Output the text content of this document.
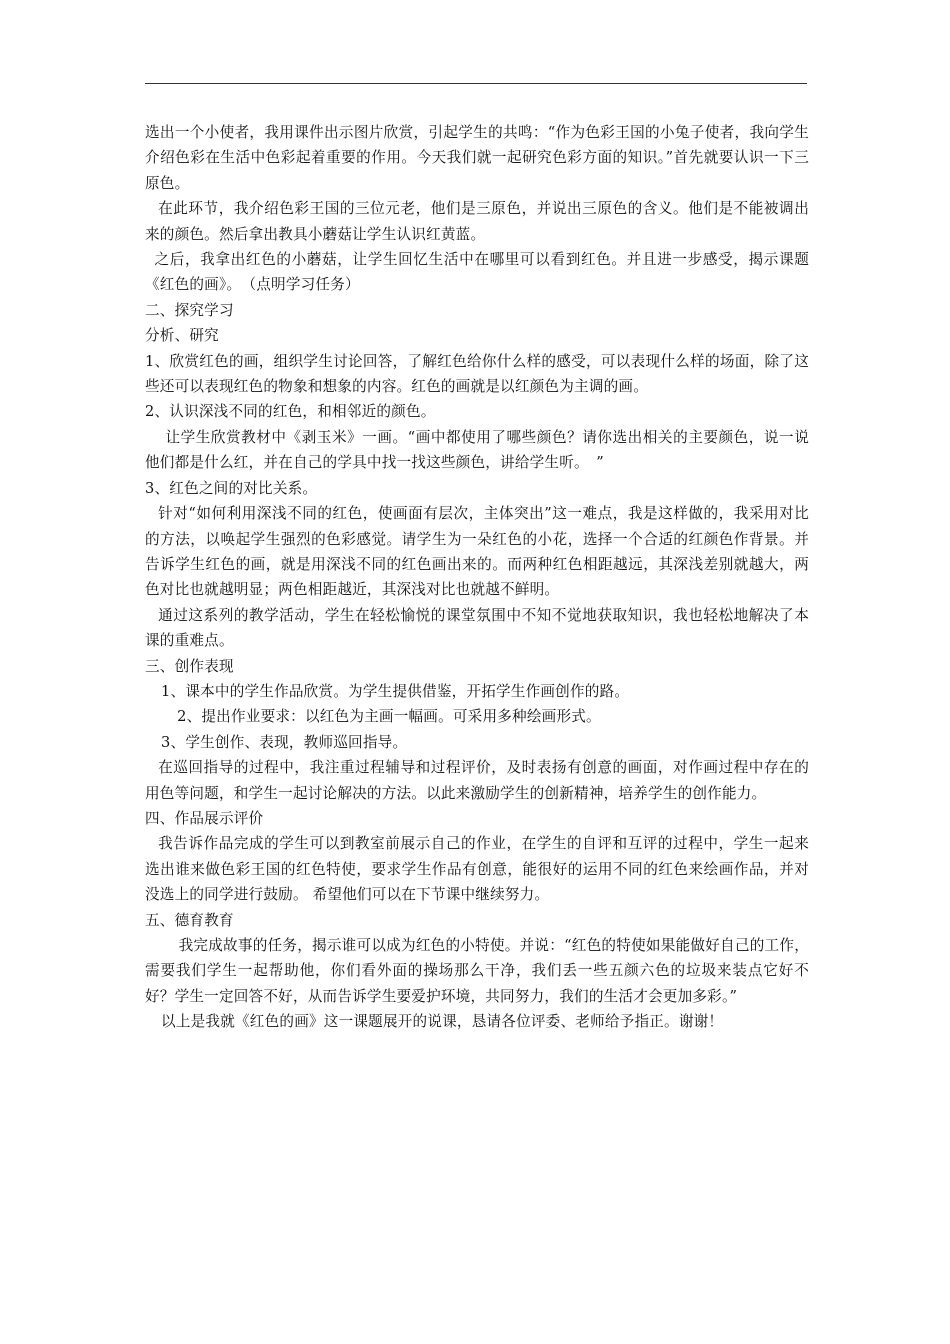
选出一个小使者，我用课件出示图片欣赏，引起学生的共鸣：“作为色彩王国的小兔子使者，我向学生介绍色彩在生活中色彩起着重要的作用。今天我们就一起研究色彩方面的知识。”首先就要认识一下三原色。

在此环节，我介绍色彩王国的三位元老，他们是三原色，并说出三原色的含义。他们是不能被调出来的颜色。然后拿出教具小蘑菇让学生认识红黄蓝。

之后，我拿出红色的小蘑菇，让学生回忆生活中在哪里可以看到红色。并且进一步感受，揭示课题《红色的画》。　（点明学习任务）

二、探究学习

分析、研究

1、欣赏红色的画，组织学生讨论回答，了解红色给你什么样的感受，可以表现什么样的场面，除了这些还可以表现红色的物象和想象的内容。红色的画就是以红颜色为主调的画。

2、认识深浅不同的红色，和相邻近的颜色。

让学生欣赏教材中《剥玉米》一画。“画中都使用了哪些颜色？请你选出相关的主要颜色，说一说他们都是什么红，并在自己的学具中找一找这些颜色，讲给学生听。　”

3、红色之间的对比关系。

针对“如何利用深浅不同的红色，使画面有层次，主体突出”这一难点，我是这样做的，我采用对比的方法，以唤起学生强烈的色彩感觉。请学生为一朵红色的小花，选择一个合适的红颜色作背景。并告诉学生红色的画，就是用深浅不同的红色画出来的。而两种红色相距越远，其深浅差别就越大，两色对比也就越明显；两色相距越近，其深浅对比也就越不鲜明。

通过这系列的教学活动，学生在轻松愉悦的课堂氛围中不知不觉地获取知识，我也轻松地解决了本课的重难点。

三、创作表现

1、课本中的学生作品欣赏。为学生提供借鉴，开拓学生作画创作的路。

2、提出作业要求：以红色为主画一幅画。可采用多种绘画形式。

3、学生创作、表现，教师巡回指导。

在巡回指导的过程中，我注重过程辅导和过程评价，及时表扬有创意的画面，对作画过程中存在的用色等问题，和学生一起讨论解决的方法。以此来激励学生的创新精神，培养学生的创作能力。

四、作品展示评价

我告诉作品完成的学生可以到教室前展示自己的作业，在学生的自评和互评的过程中，学生一起来选出谁来做色彩王国的红色特使，要求学生作品有创意，能很好的运用不同的红色来绘画作品，并对没选上的同学进行鼓励。 希望他们可以在下节课中继续努力。

五、德育教育

我完成故事的任务，揭示谁可以成为红色的小特使。并说：“红色的特使如果能做好自己的工作，需要我们学生一起帮助他，你们看外面的操场那么干净，我们丢一些五颜六色的垃圾来装点它好不好？学生一定回答不好，从而告诉学生要爱护环境，共同努力，我们的生活才会更加多彩。”

以上是我就《红色的画》这一课题展开的说课，恳请各位评委、老师给予指正。谢谢！
